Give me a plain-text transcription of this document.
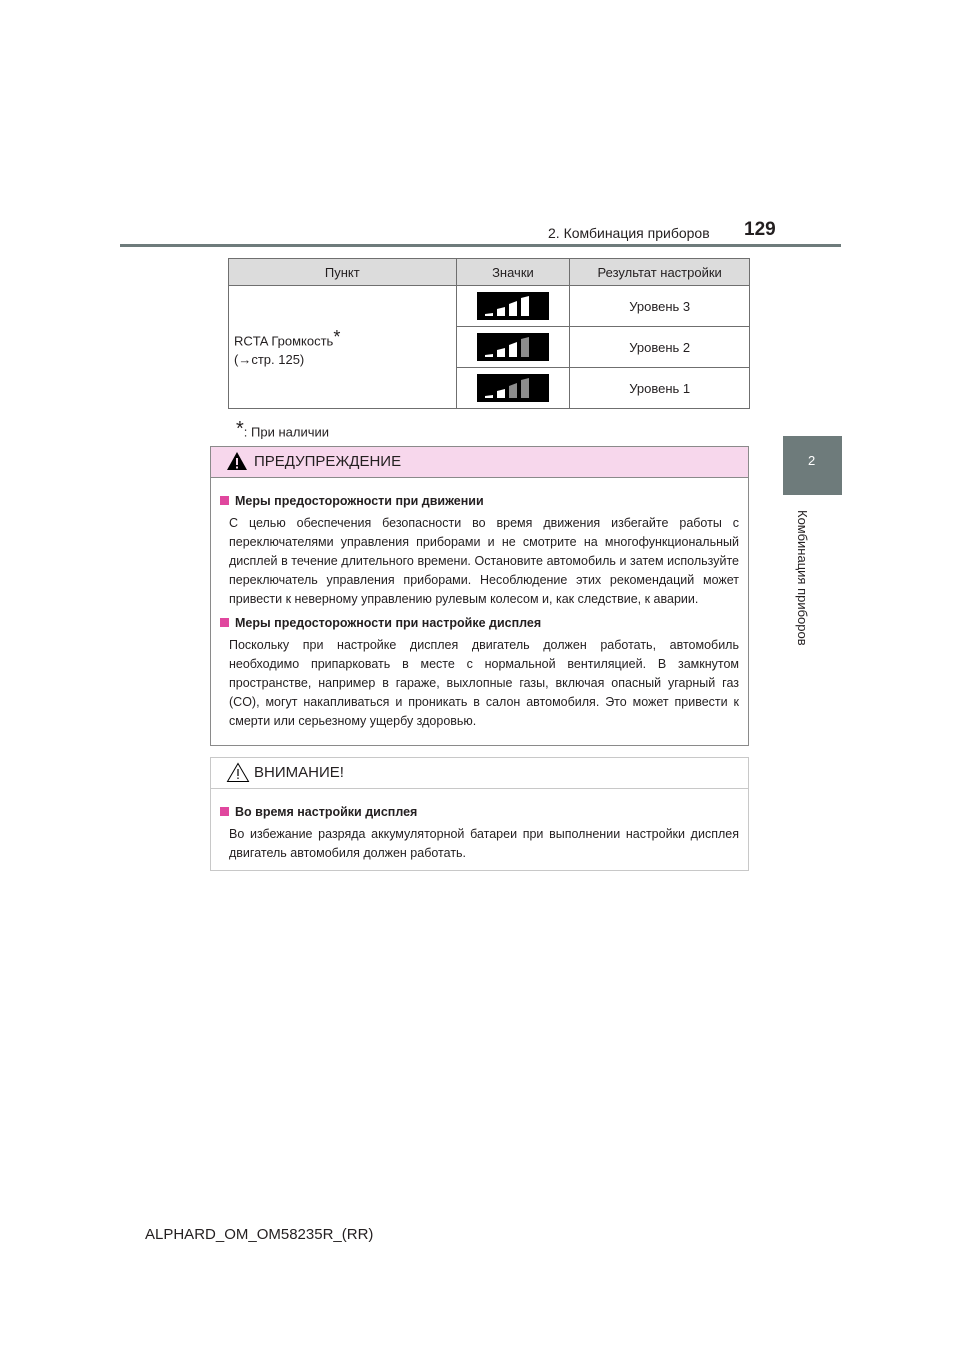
2. Комбинация приборов 129
2
Комбинация приборов
Пункт	Значки	Результат настройки
RCTA Громкость*
(→стр. 125)		Уровень 3
	Уровень 2
	Уровень 1
*: При наличии
ПРЕДУПРЕЖДЕНИЕ
Меры предосторожности при движении
С целью обеспечения безопасности во время движения избегайте работы с переключателями управления приборами и не смотрите на многофункциональный дисплей в течение длительного времени. Остановите автомобиль и затем используйте переключатель управления приборами. Несоблюдение этих рекомендаций может привести к неверному управлению рулевым колесом и, как следствие, к аварии.
Меры предосторожности при настройке дисплея
Поскольку при настройке дисплея двигатель должен работать, автомобиль необходимо припарковать в месте с нормальной вентиляцией. В замкнутом пространстве, например в гараже, выхлопные газы, включая опасный угарный газ (CO), могут накапливаться и проникать в салон автомобиля. Это может привести к смерти или серьезному ущербу здоровью.
ВНИМАНИЕ!
Во время настройки дисплея
Во избежание разряда аккумуляторной батареи при выполнении настройки дисплея двигатель автомобиля должен работать.
ALPHARD_OM_OM58235R_(RR)
